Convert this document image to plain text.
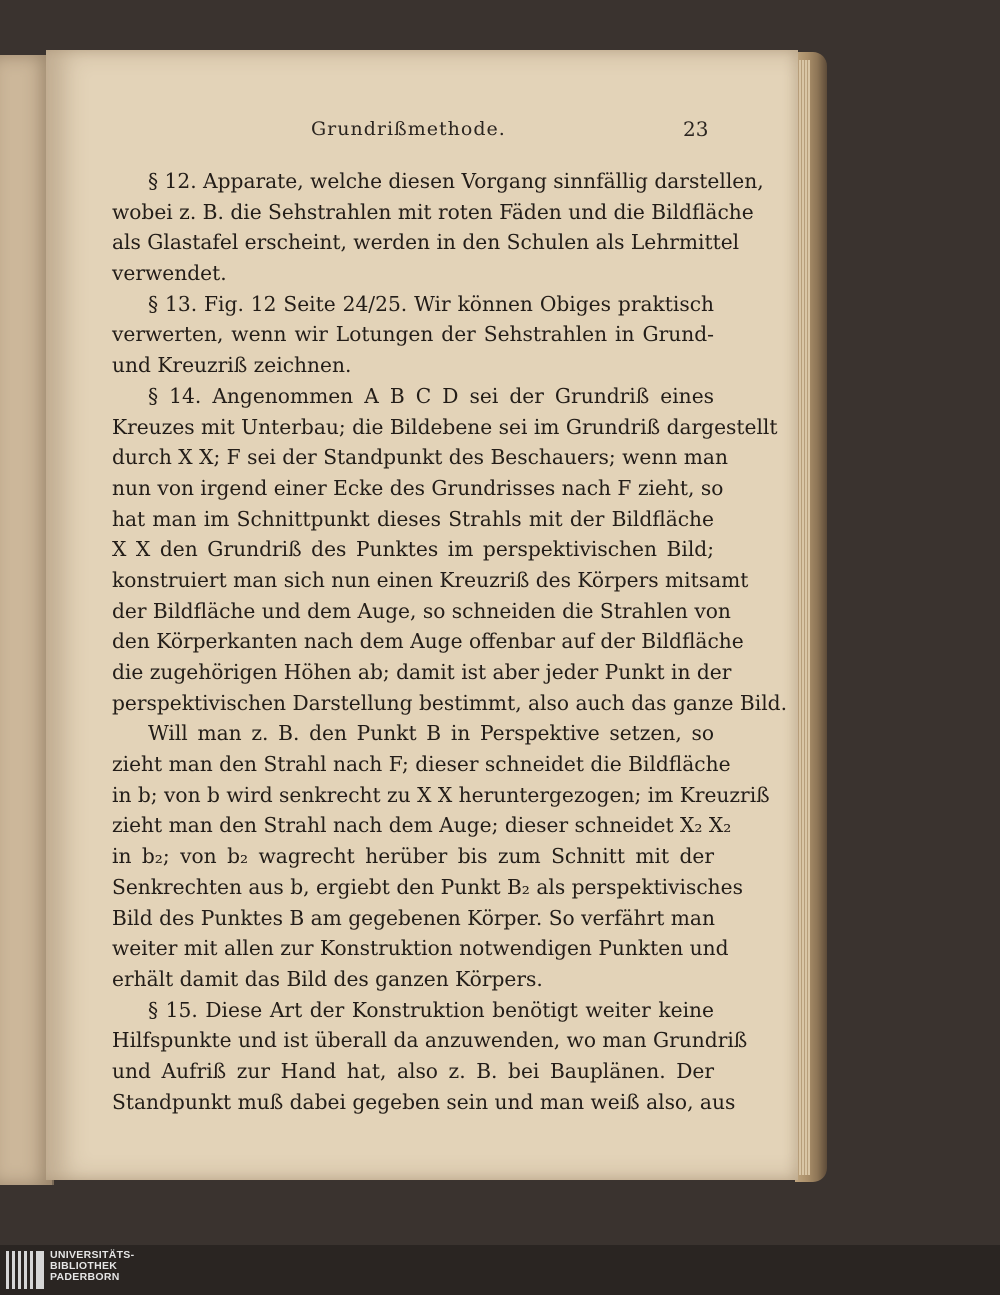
Grundrißmethode.	23
§ 12. Apparate, welche diesen Vorgang sinnfällig darstellen,
wobei z. B. die Sehstrahlen mit roten Fäden und die Bildfläche
als Glastafel erscheint, werden in den Schulen als Lehrmittel
verwendet.
§ 13. Fig. 12 Seite 24/25. Wir können Obiges praktisch
verwerten, wenn wir Lotungen der Sehstrahlen in Grund-
und Kreuzriß zeichnen.
§ 14. Angenommen A B C D sei der Grundriß eines
Kreuzes mit Unterbau; die Bildebene sei im Grundriß dargestellt
durch X X; F sei der Standpunkt des Beschauers; wenn man
nun von irgend einer Ecke des Grundrisses nach F zieht, so
hat man im Schnittpunkt dieses Strahls mit der Bildfläche
X X den Grundriß des Punktes im perspektivischen Bild;
konstruiert man sich nun einen Kreuzriß des Körpers mitsamt
der Bildfläche und dem Auge, so schneiden die Strahlen von
den Körperkanten nach dem Auge offenbar auf der Bildfläche
die zugehörigen Höhen ab; damit ist aber jeder Punkt in der
perspektivischen Darstellung bestimmt, also auch das ganze Bild.
Will man z. B. den Punkt B in Perspektive setzen, so
zieht man den Strahl nach F; dieser schneidet die Bildfläche
in b; von b wird senkrecht zu X X heruntergezogen; im Kreuzriß
zieht man den Strahl nach dem Auge; dieser schneidet X₂ X₂
in b₂; von b₂ wagrecht herüber bis zum Schnitt mit der
Senkrechten aus b, ergiebt den Punkt B₂ als perspektivisches
Bild des Punktes B am gegebenen Körper. So verfährt man
weiter mit allen zur Konstruktion notwendigen Punkten und
erhält damit das Bild des ganzen Körpers.
§ 15. Diese Art der Konstruktion benötigt weiter keine
Hilfspunkte und ist überall da anzuwenden, wo man Grundriß
und Aufriß zur Hand hat, also z. B. bei Bauplänen. Der
Standpunkt muß dabei gegeben sein und man weiß also, aus
UNIVERSITÄTS-
BIBLIOTHEK
PADERBORN
